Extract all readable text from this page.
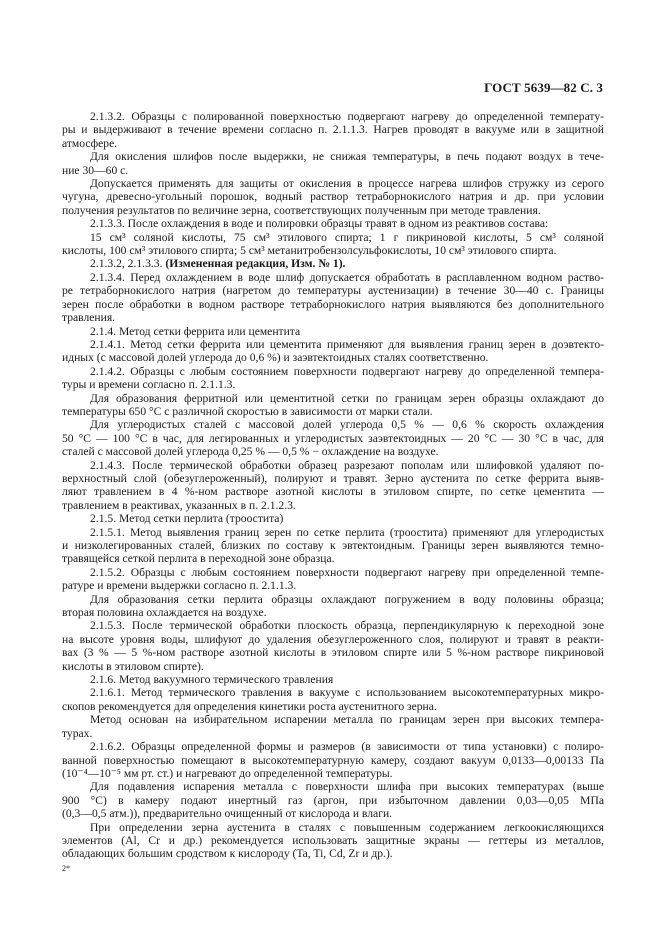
ГОСТ 5639—82 С. 3
2.1.3.2. Образцы с полированной поверхностью подвергают нагреву до определенной температу-
ры и выдерживают в течение времени согласно п. 2.1.1.3. Нагрев проводят в вакууме или в защитной
атмосфере.
Для окисления шлифов после выдержки, не снижая температуры, в печь подают воздух в тече-
ние 30—60 с.
Допускается применять для защиты от окисления в процессе нагрева шлифов стружку из серого
чугуна, древесно-угольный порошок, водный раствор тетраборнокислого натрия и др. при условии
получения результатов по величине зерна, соответствующих полученным при методе травления.
2.1.3.3. После охлаждения в воде и полировки образцы травят в одном из реактивов состава:
15 см³ соляной кислоты, 75 см³ этилового спирта; 1 г пикриновой кислоты, 5 см³ соляной
кислоты, 100 см³ этилового спирта; 5 см³ метанитробензолсульфокислоты, 10 см³ этилового спирта.
2.1.3.2, 2.1.3.3. (Измененная редакция, Изм. № 1).
2.1.3.4. Перед охлаждением в воде шлиф допускается обработать в расплавленном водном раство-
ре тетраборнокислого натрия (нагретом до температуры аустенизации) в течение 30—40 с. Границы
зерен после обработки в водном растворе тетраборнокислого натрия выявляются без дополнительного
травления.
2.1.4. Метод сетки феррита или цементита
2.1.4.1. Метод сетки феррита или цементита применяют для выявления границ зерен в доэвтекто-
идных (с массовой долей углерода до 0,6 %) и заэвтектоидных сталях соответственно.
2.1.4.2. Образцы с любым состоянием поверхности подвергают нагреву до определенной темпера-
туры и времени согласно п. 2.1.1.3.
Для образования ферритной или цементитной сетки по границам зерен образцы охлаждают до
температуры 650 °С с различной скоростью в зависимости от марки стали.
Для углеродистых сталей с массовой долей углерода 0,5 % — 0,6 % скорость охлаждения
50 °С — 100 °С в час, для легированных и углеродистых заэвтектоидных — 20 °С — 30 °С в час, для
сталей с массовой долей углерода 0,25 % — 0,5 % − охлаждение на воздухе.
2.1.4.3. После термической обработки образец разрезают пополам или шлифовкой удаляют по-
верхностный слой (обезуглероженный), полируют и травят. Зерно аустенита по сетке феррита выяв-
ляют травлением в 4 %-ном растворе азотной кислоты в этиловом спирте, по сетке цементита —
травлением в реактивах, указанных в п. 2.1.2.3.
2.1.5. Метод сетки перлита (троостита)
2.1.5.1. Метод выявления границ зерен по сетке перлита (троостита) применяют для углеродистых
и низколегированных сталей, близких по составу к эвтектоидным. Границы зерен выявляются темно-
травящейся сеткой перлита в переходной зоне образца.
2.1.5.2. Образцы с любым состоянием поверхности подвергают нагреву при определенной темпе-
ратуре и времени выдержки согласно п. 2.1.1.3.
Для образования сетки перлита образцы охлаждают погружением в воду половины образца;
вторая половина охлаждается на воздухе.
2.1.5.3. После термической обработки плоскость образца, перпендикулярную к переходной зоне
на высоте уровня воды, шлифуют до удаления обезуглероженного слоя, полируют и травят в реакти-
вах (3 % — 5 %-ном растворе азотной кислоты в этиловом спирте или 5 %-ном растворе пикриновой
кислоты в этиловом спирте).
2.1.6. Метод вакуумного термического травления
2.1.6.1. Метод термического травления в вакууме с использованием высокотемпературных микро-
скопов рекомендуется для определения кинетики роста аустенитного зерна.
Метод основан на избирательном испарении металла по границам зерен при высоких темпера-
турах.
2.1.6.2. Образцы определенной формы и размеров (в зависимости от типа установки) с полиро-
ванной поверхностью помещают в высокотемпературную камеру, создают вакуум 0,0133—0,00133 Па
(10⁻⁴—10⁻⁵ мм рт. ст.) и нагревают до определенной температуры.
Для подавления испарения металла с поверхности шлифа при высоких температурах (выше
900 °С) в камеру подают инертный газ (аргон, при избыточном давлении 0,03—0,05 МПа
(0,3—0,5 атм.)), предварительно очищенный от кислорода и влаги.
При определении зерна аустенита в сталях с повышенным содержанием легкоокисляющихся
элементов (Al, Cr и др.) рекомендуется использовать защитные экраны — геттеры из металлов,
обладающих большим сродством к кислороду (Ta, Ti, Cd, Zr и др.).
2*
